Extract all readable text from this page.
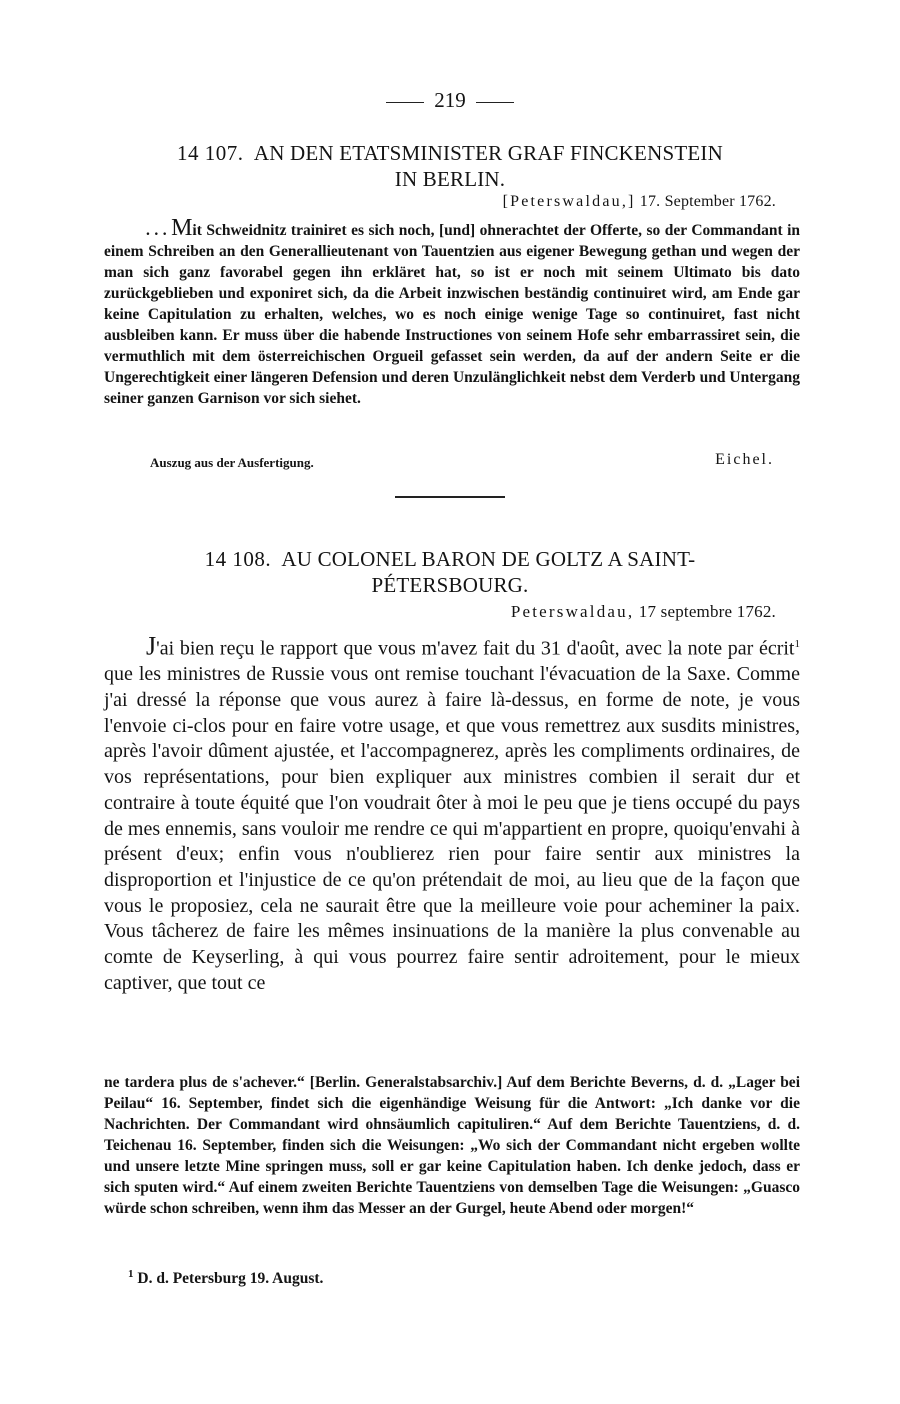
219
14 107. AN DEN ETATSMINISTER GRAF FINCKENSTEIN
IN BERLIN.
[Peterswaldau,] 17. September 1762.

. . . Mit Schweidnitz trainiret es sich noch, [und] ohnerachtet der Offerte, so der Commandant in einem Schreiben an den Generallieutenant von Tauentzien aus eigener Bewegung gethan und wegen der man sich ganz favorabel gegen ihn erkläret hat, so ist er noch mit seinem Ultimato bis dato zurückgeblieben und exponiret sich, da die Arbeit inzwischen beständig continuiret wird, am Ende gar keine Capitulation zu erhalten, welches, wo es noch einige wenige Tage so continuiret, fast nicht ausbleiben kann. Er muss über die habende Instructiones von seinem Hofe sehr embarrassiret sein, die vermuthlich mit dem österreichischen Orgueil gefasset sein werden, da auf der andern Seite er die Ungerechtigkeit einer längeren Defension und deren Unzulänglichkeit nebst dem Verderb und Untergang seiner ganzen Garnison vor sich siehet.

Auszug aus der Ausfertigung.	Eichel.
14 108. AU COLONEL BARON DE GOLTZ A SAINT-
PÉTERSBOURG.
Peterswaldau, 17 septembre 1762.

J'ai bien reçu le rapport que vous m'avez fait du 31 d'août, avec la note par écrit$^1$ que les ministres de Russie vous ont remise touchant l'évacuation de la Saxe. Comme j'ai dressé la réponse que vous aurez à faire là-dessus, en forme de note, je vous l'envoie ci-clos pour en faire votre usage, et que vous remettrez aux susdits ministres, après l'avoir dûment ajustée, et l'accompagnerez, après les compliments ordinaires, de vos représentations, pour bien expliquer aux ministres combien il serait dur et contraire à toute équité que l'on voudrait ôter à moi le peu que je tiens occupé du pays de mes ennemis, sans vouloir me rendre ce qui m'appartient en propre, quoiqu'envahi à présent d'eux; enfin vous n'oublierez rien pour faire sentir aux ministres la disproportion et l'injustice de ce qu'on prétendait de moi, au lieu que de la façon que vous le proposiez, cela ne saurait être que la meilleure voie pour acheminer la paix. Vous tâcherez de faire les mêmes insinuations de la manière la plus convenable au comte de Keyserling, à qui vous pourrez faire sentir adroitement, pour le mieux captiver, que tout ce

ne tardera plus de s'achever.“ [Berlin. Generalstabsarchiv.] Auf dem Berichte Beverns, d. d. „Lager bei Peilau“ 16. September, findet sich die eigenhändige Weisung für die Antwort: „Ich danke vor die Nachrichten. Der Commandant wird ohnsäumlich capituliren.“ Auf dem Berichte Tauentziens, d. d. Teichenau 16. September, finden sich die Weisungen: „Wo sich der Commandant nicht ergeben wollte und unsere letzte Mine springen muss, soll er gar keine Capitulation haben. Ich denke jedoch, dass er sich sputen wird.“ Auf einem zweiten Berichte Tauentziens von demselben Tage die Weisungen: „Guasco würde schon schreiben, wenn ihm das Messer an der Gurgel, heute Abend oder morgen!“

$^1$ D. d. Petersburg 19. August.
